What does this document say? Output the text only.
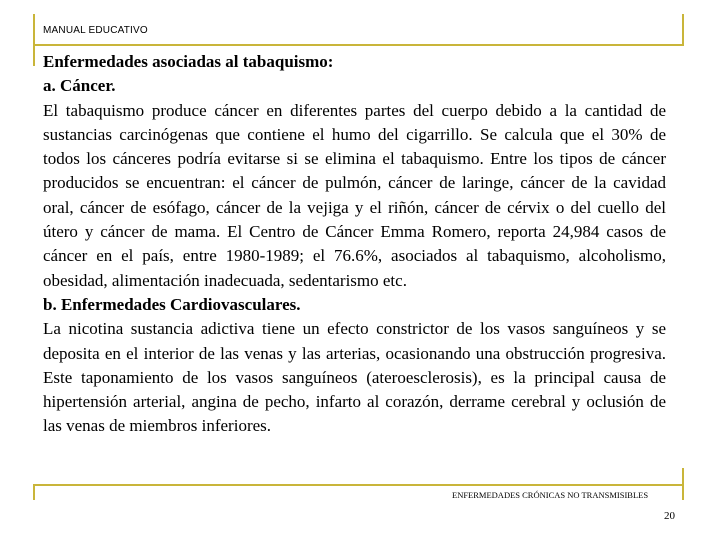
MANUAL EDUCATIVO

Enfermedades asociadas al tabaquismo:

a. Cáncer.

El tabaquismo produce cáncer en diferentes partes del cuerpo debido a la cantidad de sustancias carcinógenas que contiene el humo del cigarrillo. Se calcula que el 30% de todos los cánceres podría evitarse si se elimina el tabaquismo. Entre los tipos de cáncer producidos se encuentran: el cáncer de pulmón, cáncer de laringe, cáncer de la cavidad oral, cáncer de esófago, cáncer de la vejiga y el riñón, cáncer de cérvix o del cuello del útero y cáncer de mama. El Centro de Cáncer Emma Romero, reporta 24,984 casos de cáncer en el país, entre 1980-1989; el 76.6%, asociados al tabaquismo, alcoholismo, obesidad, alimentación inadecuada, sedentarismo etc.

b. Enfermedades Cardiovasculares.

La nicotina sustancia adictiva tiene un efecto constrictor de los vasos sanguíneos y se deposita en el interior de las venas y las arterias, ocasionando una obstrucción progresiva. Este taponamiento de los vasos sanguíneos (ateroesclerosis), es la principal causa de hipertensión arterial, angina de pecho, infarto al corazón, derrame cerebral y oclusión de las venas de miembros inferiores.

ENFERMEDADES CRÓNICAS NO TRANSMISIBLES
20
